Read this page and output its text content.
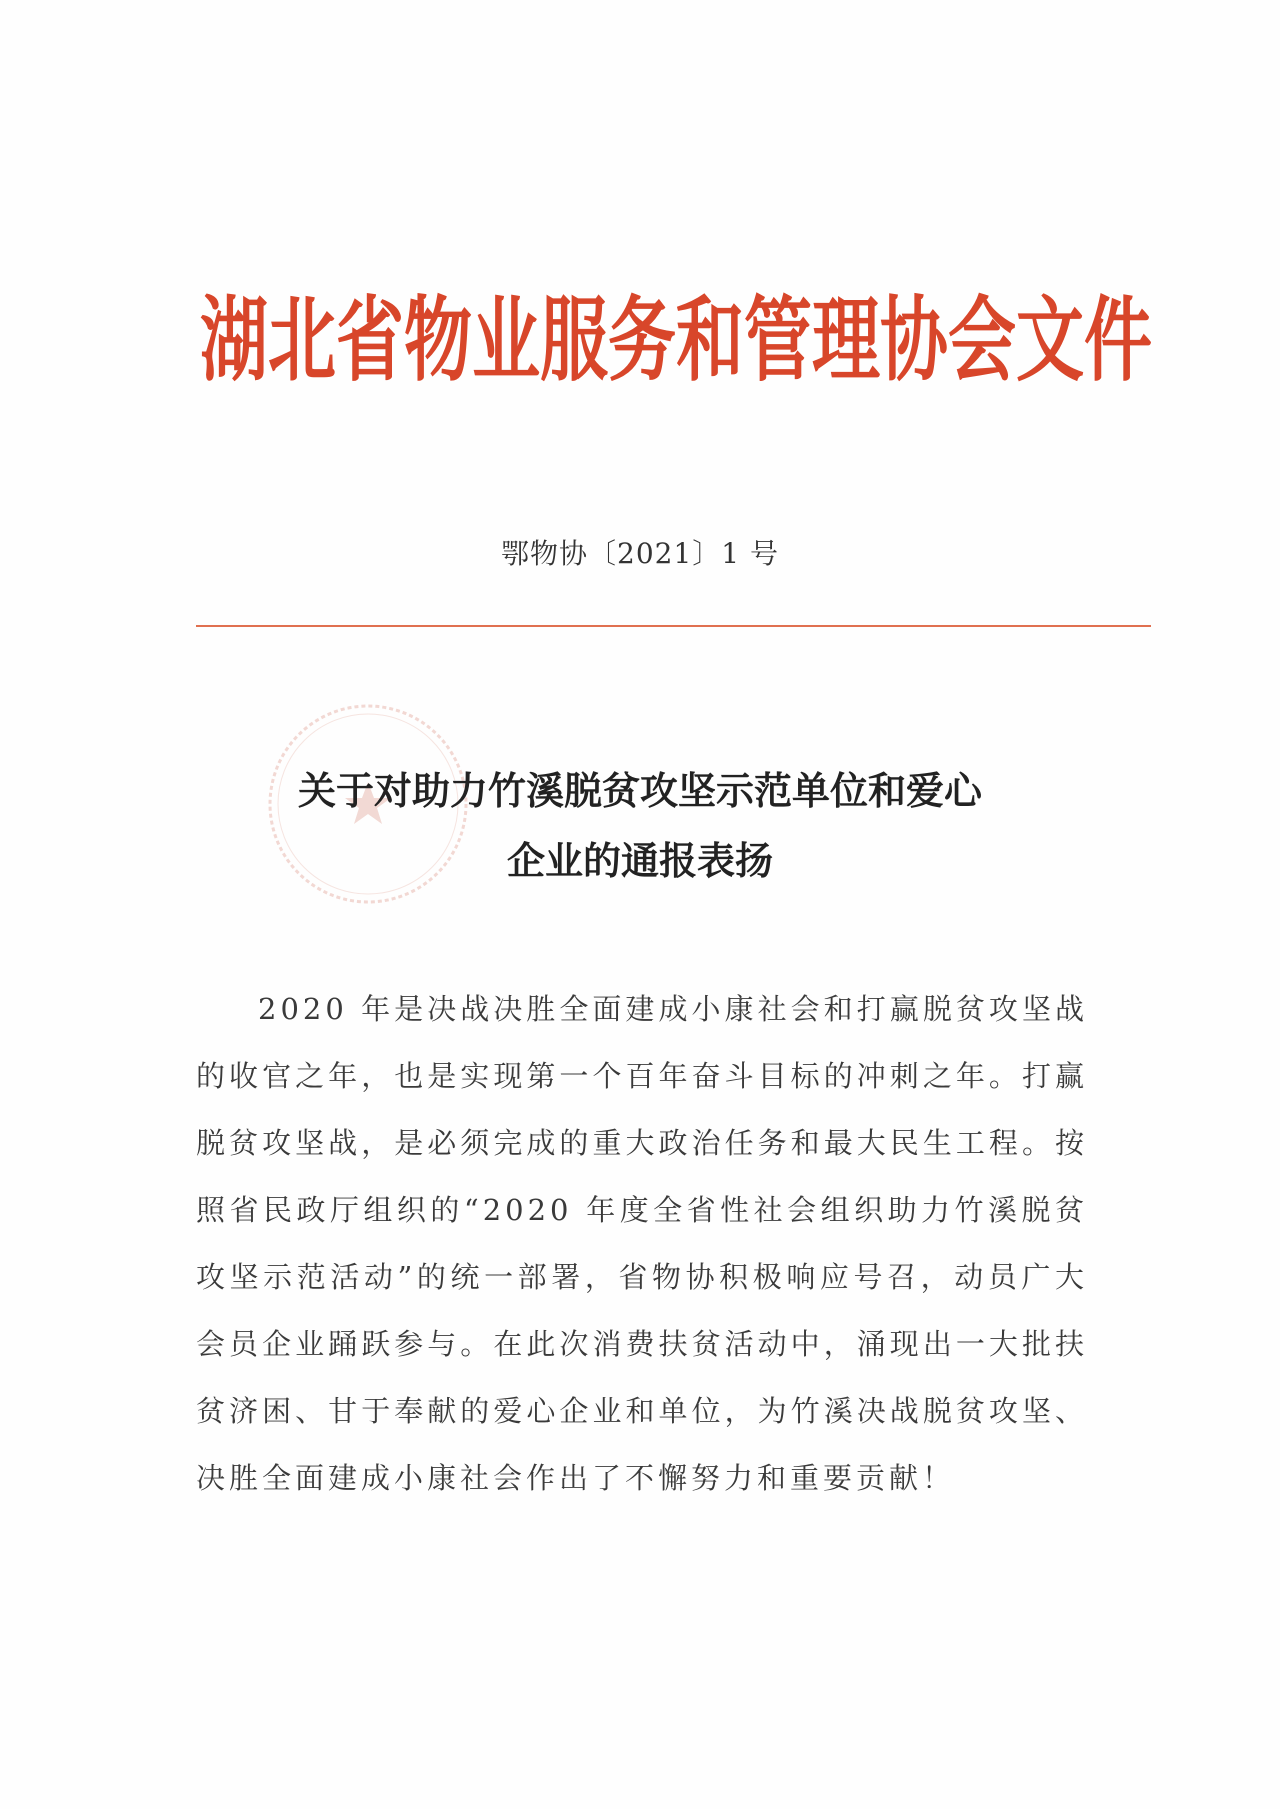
湖北省物业服务和管理协会文件
鄂物协〔2021〕1 号
关于对助力竹溪脱贫攻坚示范单位和爱心
企业的通报表扬
2020 年是决战决胜全面建成小康社会和打赢脱贫攻坚战的收官之年，也是实现第一个百年奋斗目标的冲刺之年。打赢脱贫攻坚战，是必须完成的重大政治任务和最大民生工程。按照省民政厅组织的“2020 年度全省性社会组织助力竹溪脱贫攻坚示范活动”的统一部署，省物协积极响应号召，动员广大会员企业踊跃参与。在此次消费扶贫活动中，涌现出一大批扶贫济困、甘于奉献的爱心企业和单位，为竹溪决战脱贫攻坚、决胜全面建成小康社会作出了不懈努力和重要贡献！
